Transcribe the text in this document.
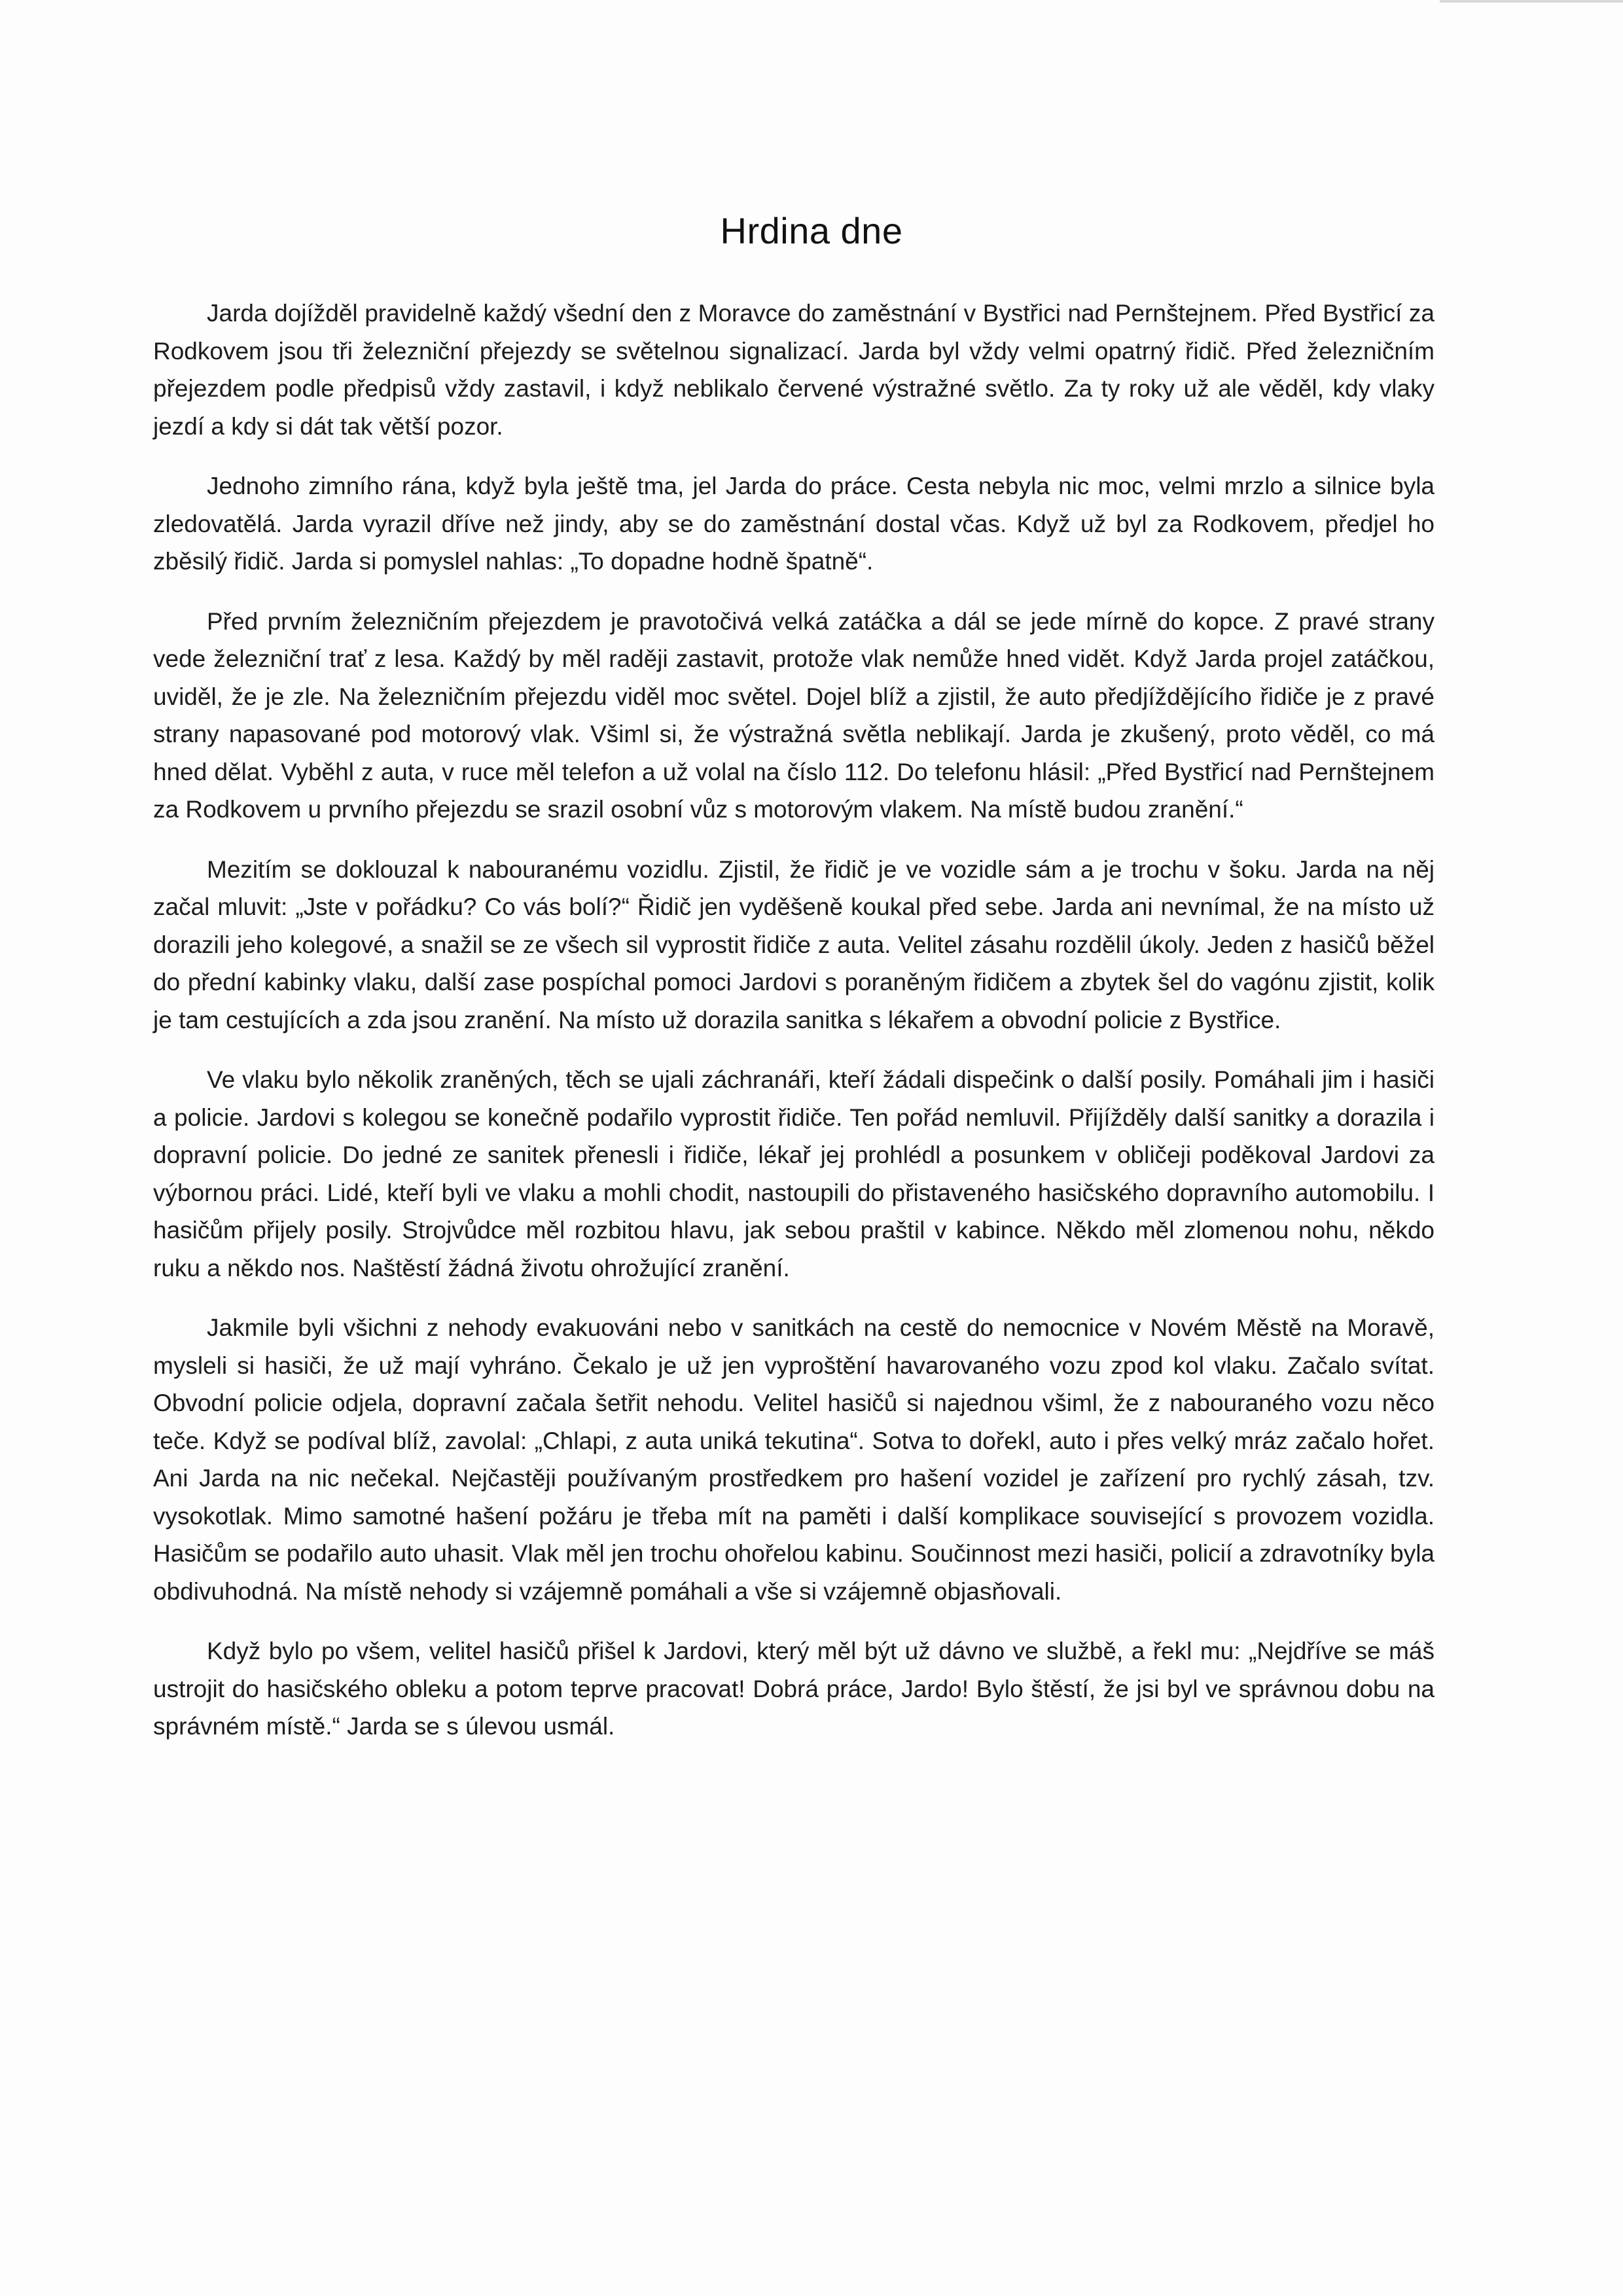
Hrdina dne

Jarda dojížděl pravidelně každý všední den z Moravce do zaměstnání v Bystřici nad Pernštejnem. Před Bystřicí za Rodkovem jsou tři železniční přejezdy se světelnou signalizací. Jarda byl vždy velmi opatrný řidič. Před železničním přejezdem podle předpisů vždy zastavil, i když neblikalo červené výstražné světlo. Za ty roky už ale věděl, kdy vlaky jezdí a kdy si dát tak větší pozor.

Jednoho zimního rána, když byla ještě tma, jel Jarda do práce. Cesta nebyla nic moc, velmi mrzlo a silnice byla zledovatělá. Jarda vyrazil dříve než jindy, aby se do zaměstnání dostal včas. Když už byl za Rodkovem, předjel ho zběsilý řidič. Jarda si pomyslel nahlas: „To dopadne hodně špatně“.

Před prvním železničním přejezdem je pravotočivá velká zatáčka a dál se jede mírně do kopce. Z pravé strany vede železniční trať z lesa. Každý by měl raději zastavit, protože vlak nemůže hned vidět. Když Jarda projel zatáčkou, uviděl, že je zle. Na železničním přejezdu viděl moc světel. Dojel blíž a zjistil, že auto předjíždějícího řidiče je z pravé strany napasované pod motorový vlak. Všiml si, že výstražná světla neblikají. Jarda je zkušený, proto věděl, co má hned dělat. Vyběhl z auta, v ruce měl telefon a už volal na číslo 112. Do telefonu hlásil: „Před Bystřicí nad Pernštejnem za Rodkovem u prvního přejezdu se srazil osobní vůz s motorovým vlakem. Na místě budou zranění.“

Mezitím se doklouzal k nabouranému vozidlu. Zjistil, že řidič je ve vozidle sám a je trochu v šoku. Jarda na něj začal mluvit: „Jste v pořádku? Co vás bolí?“ Řidič jen vyděšeně koukal před sebe. Jarda ani nevnímal, že na místo už dorazili jeho kolegové, a snažil se ze všech sil vyprostit řidiče z auta. Velitel zásahu rozdělil úkoly. Jeden z hasičů běžel do přední kabinky vlaku, další zase pospíchal pomoci Jardovi s poraněným řidičem a zbytek šel do vagónu zjistit, kolik je tam cestujících a zda jsou zranění. Na místo už dorazila sanitka s lékařem a obvodní policie z Bystřice.

Ve vlaku bylo několik zraněných, těch se ujali záchranáři, kteří žádali dispečink o další posily. Pomáhali jim i hasiči a policie. Jardovi s kolegou se konečně podařilo vyprostit řidiče. Ten pořád nemluvil. Přijížděly další sanitky a dorazila i dopravní policie. Do jedné ze sanitek přenesli i řidiče, lékař jej prohlédl a posunkem v obličeji poděkoval Jardovi za výbornou práci. Lidé, kteří byli ve vlaku a mohli chodit, nastoupili do přistaveného hasičského dopravního automobilu. I hasičům přijely posily. Strojvůdce měl rozbitou hlavu, jak sebou praštil v kabince. Někdo měl zlomenou nohu, někdo ruku a někdo nos. Naštěstí žádná životu ohrožující zranění.

Jakmile byli všichni z nehody evakuováni nebo v sanitkách na cestě do nemocnice v Novém Městě na Moravě, mysleli si hasiči, že už mají vyhráno. Čekalo je už jen vyproštění havarovaného vozu zpod kol vlaku. Začalo svítat. Obvodní policie odjela, dopravní začala šetřit nehodu. Velitel hasičů si najednou všiml, že z nabouraného vozu něco teče. Když se podíval blíž, zavolal: „Chlapi, z auta uniká tekutina“. Sotva to dořekl, auto i přes velký mráz začalo hořet. Ani Jarda na nic nečekal. Nejčastěji používaným prostředkem pro hašení vozidel je zařízení pro rychlý zásah, tzv. vysokotlak. Mimo samotné hašení požáru je třeba mít na paměti i další komplikace související s provozem vozidla. Hasičům se podařilo auto uhasit. Vlak měl jen trochu ohořelou kabinu. Součinnost mezi hasiči, policií a zdravotníky byla obdivuhodná. Na místě nehody si vzájemně pomáhali a vše si vzájemně objasňovali.

Když bylo po všem, velitel hasičů přišel k Jardovi, který měl být už dávno ve službě, a řekl mu: „Nejdříve se máš ustrojit do hasičského obleku a potom teprve pracovat! Dobrá práce, Jardo! Bylo štěstí, že jsi byl ve správnou dobu na správném místě.“ Jarda se s úlevou usmál.
